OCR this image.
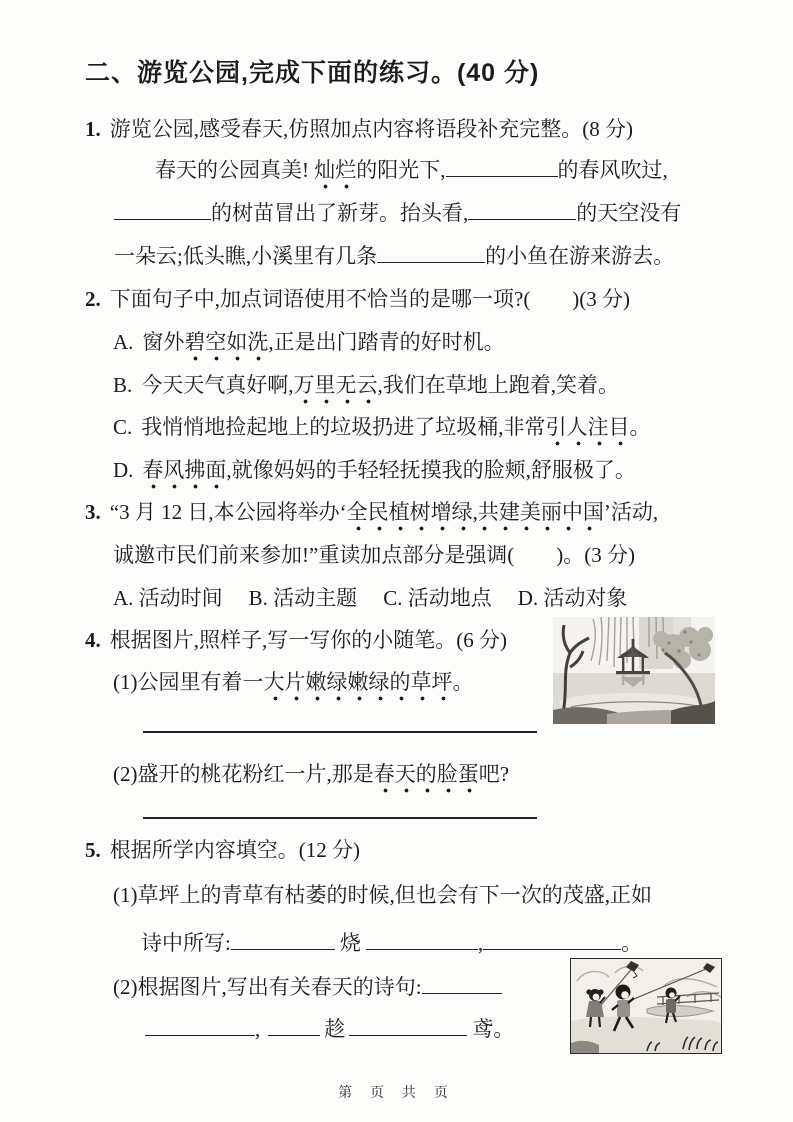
二、游览公园,完成下面的练习。(40 分)
1. 游览公园,感受春天,仿照加点内容将语段补充完整。(8 分)
春天的公园真美! 灿烂的阳光下,	的春风吹过,
的树苗冒出了新芽。抬头看,	的天空没有
一朵云;低头瞧,小溪里有几条	的小鱼在游来游去。
2. 下面句子中,加点词语使用不恰当的是哪一项?(　　)(3 分)
A. 窗外碧空如洗,正是出门踏青的好时机。
B. 今天天气真好啊,万里无云,我们在草地上跑着,笑着。
C. 我悄悄地捡起地上的垃圾扔进了垃圾桶,非常引人注目。
D. 春风拂面,就像妈妈的手轻轻抚摸我的脸颊,舒服极了。
3. “3 月 12 日,本公园将举办‘全民植树增绿,共建美丽中国’活动,
诚邀市民们前来参加!”重读加点部分是强调(　　)。(3 分)
A. 活动时间 B. 活动主题 C. 活动地点 D. 活动对象
4. 根据图片,照样子,写一写你的小随笔。(6 分)
(1)公园里有着一大片嫩绿嫩绿的草坪。
(2)盛开的桃花粉红一片,那是春天的脸蛋吧?
5. 根据所学内容填空。(12 分)
(1)草坪上的青草有枯萎的时候,但也会有下一次的茂盛,正如
诗中所写:	烧	,	。
(2)根据图片,写出有关春天的诗句:
,	趁	鸢。
第 页 共 页
